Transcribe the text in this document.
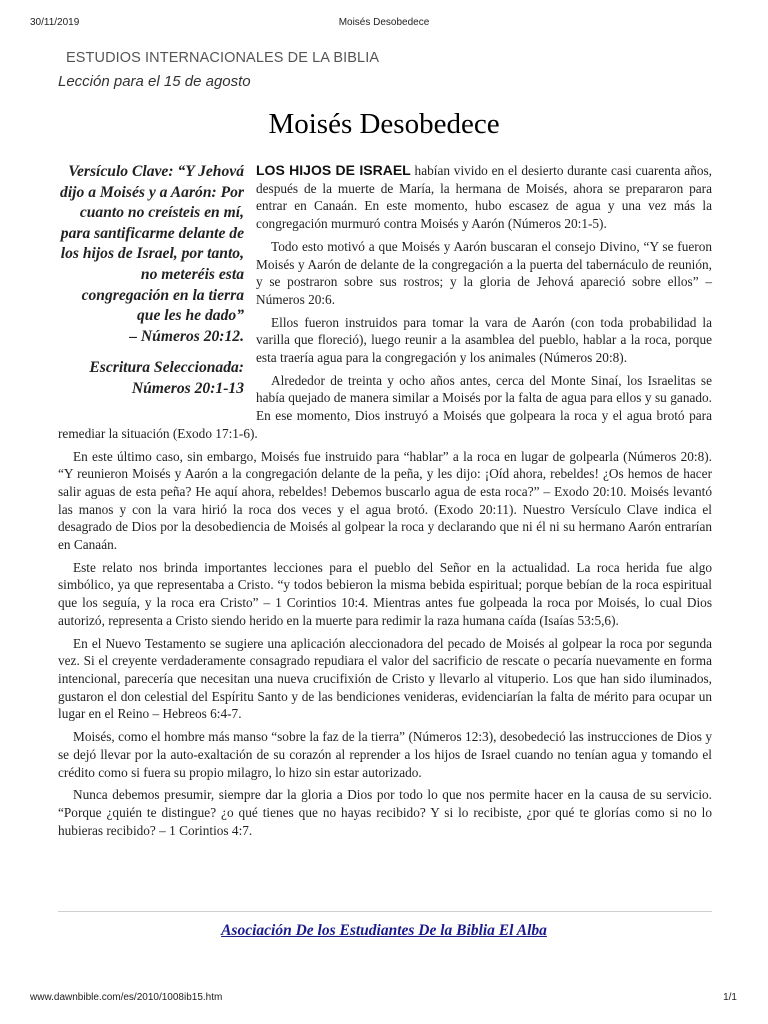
30/11/2019	Moisés Desobedece
ESTUDIOS INTERNACIONALES DE LA BIBLIA
Lección para el 15 de agosto
Moisés Desobedece

Versículo Clave: “Y Jehová dijo a Moisés y a Aarón: Por cuanto no creísteis en mí, para santificarme delante de los hijos de Israel, por tanto, no meteréis esta congregación en la tierra que les he dado”
– Números 20:12.

Escritura Seleccionada:
Números 20:1-13

LOS HIJOS DE ISRAEL habían vivido en el desierto durante casi cuarenta años, después de la muerte de María, la hermana de Moisés, ahora se prepararon para entrar en Canaán. En este momento, hubo escasez de agua y una vez más la congregación murmuró contra Moisés y Aarón (Números 20:1-5).

Todo esto motivó a que Moisés y Aarón buscaran el consejo Divino, “Y se fueron Moisés y Aarón de delante de la congregación a la puerta del tabernáculo de reunión, y se postraron sobre sus rostros; y la gloria de Jehová apareció sobre ellos” – Números 20:6.

Ellos fueron instruidos para tomar la vara de Aarón (con toda probabilidad la varilla que floreció), luego reunir a la asamblea del pueblo, hablar a la roca, porque esta traería agua para la congregación y los animales (Números 20:8).

Alrededor de treinta y ocho años antes, cerca del Monte Sinaí, los Israelitas se había quejado de manera similar a Moisés por la falta de agua para ellos y su ganado. En ese momento, Dios instruyó a Moisés que golpeara la roca y el agua brotó para remediar la situación (Exodo 17:1-6).

En este último caso, sin embargo, Moisés fue instruido para “hablar” a la roca en lugar de golpearla (Números 20:8). “Y reunieron Moisés y Aarón a la congregación delante de la peña, y les dijo: ¡Oíd ahora, rebeldes! ¿Os hemos de hacer salir aguas de esta peña? He aquí ahora, rebeldes! Debemos buscarlo agua de esta roca?” – Exodo 20:10. Moisés levantó las manos y con la vara hirió la roca dos veces y el agua brotó. (Exodo 20:11). Nuestro Versículo Clave indica el desagrado de Dios por la desobediencia de Moisés al golpear la roca y declarando que ni él ni su hermano Aarón entrarían en Canaán.

Este relato nos brinda importantes lecciones para el pueblo del Señor en la actualidad. La roca herida fue algo simbólico, ya que representaba a Cristo. “y todos bebieron la misma bebida espiritual; porque bebían de la roca espiritual que los seguía, y la roca era Cristo” – 1 Corintios 10:4. Mientras antes fue golpeada la roca por Moisés, lo cual Dios autorizó, representa a Cristo siendo herido en la muerte para redimir la raza humana caída (Isaías 53:5,6).

En el Nuevo Testamento se sugiere una aplicación aleccionadora del pecado de Moisés al golpear la roca por segunda vez. Si el creyente verdaderamente consagrado repudiara el valor del sacrificio de rescate o pecaría nuevamente en forma intencional, parecería que necesitan una nueva crucifixión de Cristo y llevarlo al vituperio. Los que han sido iluminados, gustaron el don celestial del Espíritu Santo y de las bendiciones venideras, evidenciarían la falta de mérito para ocupar un lugar en el Reino – Hebreos 6:4-7.

Moisés, como el hombre más manso “sobre la faz de la tierra” (Números 12:3), desobedeció las instrucciones de Dios y se dejó llevar por la auto-exaltación de su corazón al reprender a los hijos de Israel cuando no tenían agua y tomando el crédito como si fuera su propio milagro, lo hizo sin estar autorizado.

Nunca debemos presumir, siempre dar la gloria a Dios por todo lo que nos permite hacer en la causa de su servicio. “Porque ¿quién te distingue? ¿o qué tienes que no hayas recibido? Y si lo recibiste, ¿por qué te glorías como si no lo hubieras recibido? – 1 Corintios 4:7.

Asociación De los Estudiantes De la Biblia El Alba
www.dawnbible.com/es/2010/1008ib15.htm	1/1
